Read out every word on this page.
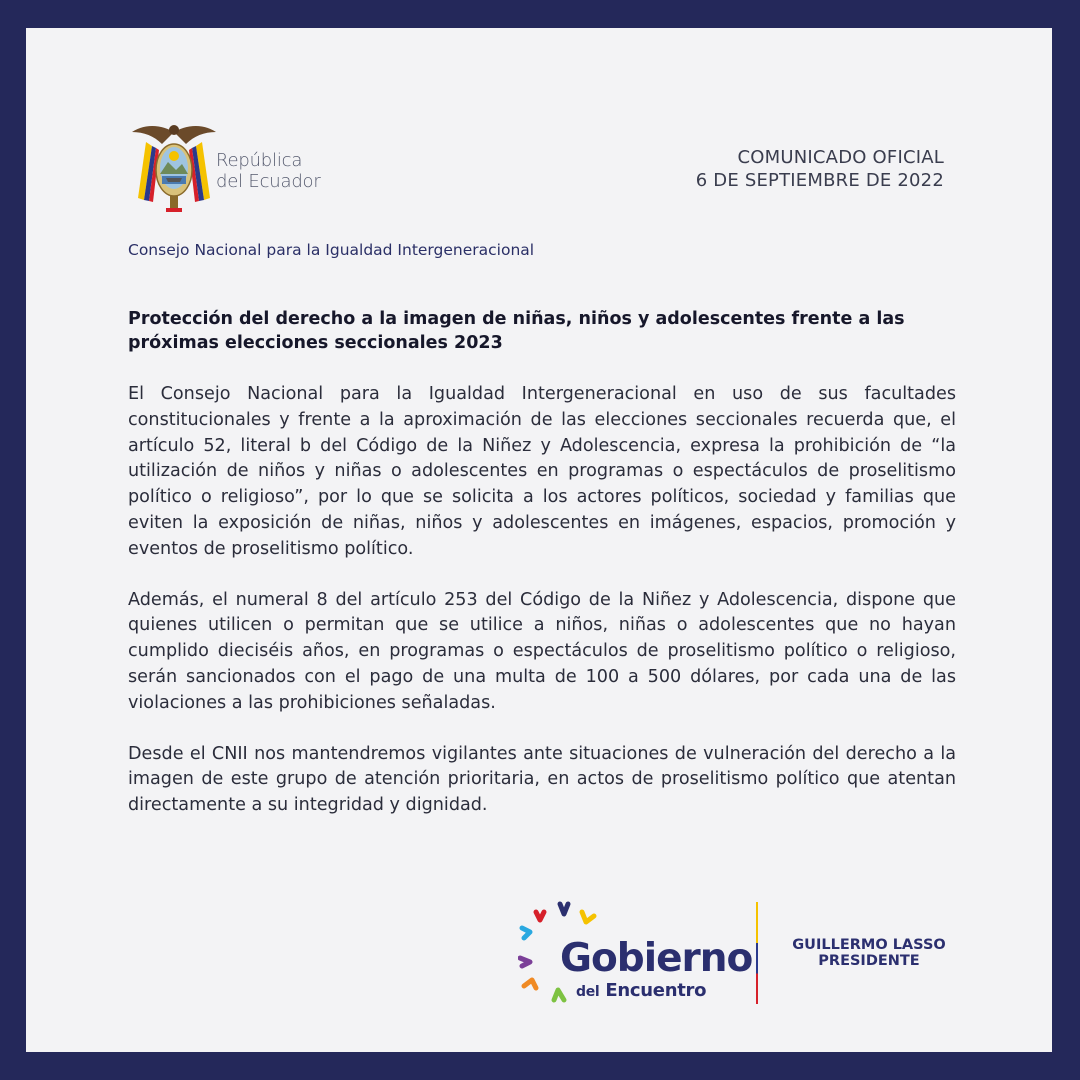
República
del Ecuador
COMUNICADO OFICIAL
6 DE SEPTIEMBRE DE 2022
Consejo Nacional para la Igualdad Intergeneracional
Protección del derecho a la imagen de niñas, niños y adolescentes frente a las próximas elecciones seccionales 2023

El Consejo Nacional para la Igualdad Intergeneracional en uso de sus facultades constitucionales y frente a la aproximación de las elecciones seccionales recuerda que, el artículo 52, literal b del Código de la Niñez y Adolescencia, expresa la prohibición de “la utilización de niños y niñas o adolescentes en programas o espectáculos de proselitismo político o religioso”, por lo que se solicita a los actores políticos, sociedad y familias que eviten la exposición de niñas, niños y adolescentes en imágenes, espacios, promoción y eventos de proselitismo político.

Además, el numeral 8 del artículo 253 del Código de la Niñez y Adolescencia, dispone que quienes utilicen o permitan que se utilice a niños, niñas o adolescentes que no hayan cumplido dieciséis años, en programas o espectáculos de proselitismo político o religioso, serán sancionados con el pago de una multa de 100 a 500 dólares, por cada una de las violaciones a las prohibiciones señaladas.

Desde el CNII nos mantendremos vigilantes ante situaciones de vulneración del derecho a la imagen de este grupo de atención prioritaria, en actos de proselitismo político que atentan directamente a su integridad y dignidad.

Gobierno
del Encuentro
GUILLERMO LASSO
PRESIDENTE
